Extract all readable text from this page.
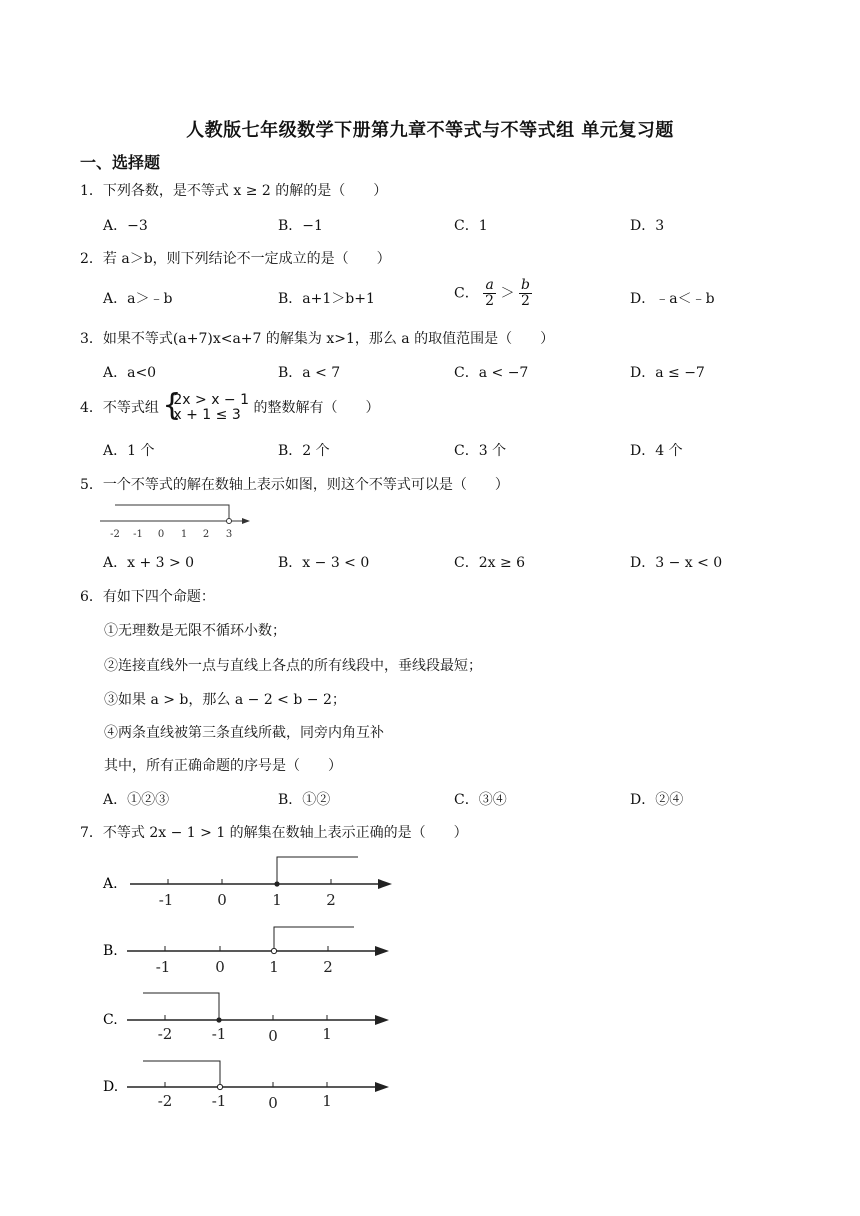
人教版七年级数学下册第九章不等式与不等式组 单元复习题
一、选择题
1．下列各数，是不等式 x ≥ 2 的解的是（　　）
A．−3	B．−1	C．1	D．3
2．若 a＞b，则下列结论不一定成立的是（　　）
A．a＞﹣b	B．a+1＞b+1	C． $\frac{a}{2} > \frac{b}{2}$	D．﹣a＜﹣b
3．如果不等式(a+7)x<a+7 的解集为 x>1，那么 a 的取值范围是（　　）
A．a<0	B．a < 7	C．a < −7	D．a ≤ −7
4．不等式组 {
2x > x − 1
x + 1 ≤ 3 的整数解有（　　）
A．1 个	B．2 个	C．3 个	D．4 个
5．一个不等式的解在数轴上表示如图，则这个不等式可以是（　　）
-2 -1 0 1 2 3
A.
-1	0	1	2
B.
-1	0	1	2
C.
-2	-1	0	1
D.
-2	-1	0	1
A．x + 3 > 0	B．x − 3 < 0	C．2x ≥ 6	D．3 − x < 0
6．有如下四个命题：
①无理数是无限不循环小数；
②连接直线外一点与直线上各点的所有线段中，垂线段最短；
③如果 a > b，那么 a − 2 < b − 2；
④两条直线被第三条直线所截，同旁内角互补
其中，所有正确命题的序号是（　　）
A．①②③	B．①②	C．③④	D．②④
7．不等式 2x − 1 > 1 的解集在数轴上表示正确的是（　　）
